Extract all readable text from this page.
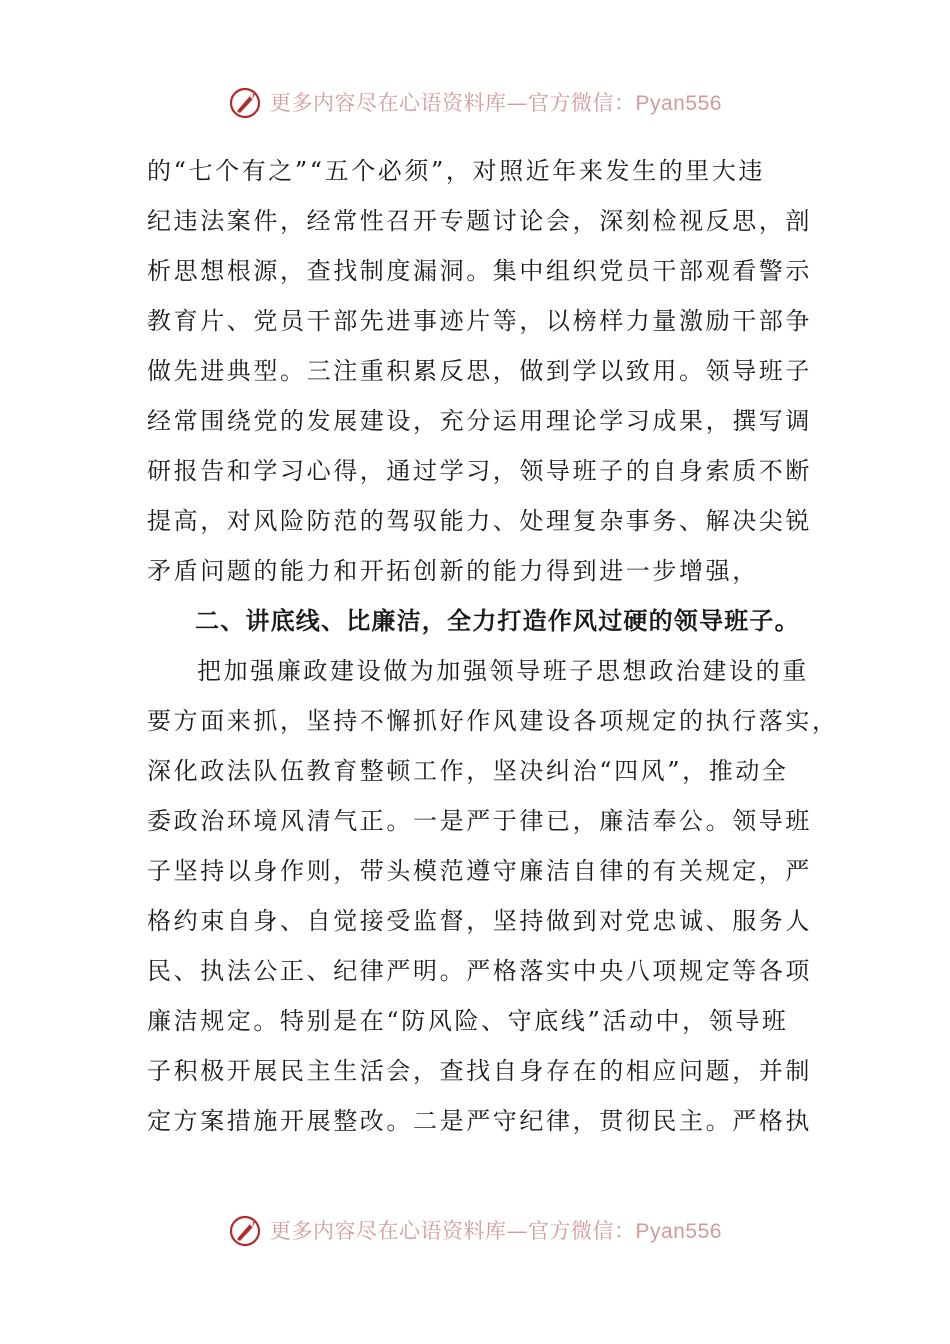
更多内容尽在心语资料库—官方微信：Pyan556
的“七个有之”“五个必须”，对照近年来发生的里大违
纪违法案件，经常性召开专题讨论会，深刻检视反思，剖
析思想根源，查找制度漏洞。集中组织党员干部观看警示
教育片、党员干部先进事迹片等，以榜样力量激励干部争
做先进典型。三注重积累反思，做到学以致用。领导班子
经常围绕党的发展建设，充分运用理论学习成果，撰写调
研报告和学习心得，通过学习，领导班子的自身索质不断
提高，对风险防范的驾驭能力、处理复杂事务、解决尖锐
矛盾问题的能力和开拓创新的能力得到进一步增强，
二、讲底线、比廉洁，全力打造作风过硬的领导班子。
把加强廉政建设做为加强领导班子思想政治建设的重
要方面来抓，坚持不懈抓好作风建设各项规定的执行落实，
深化政法队伍教育整顿工作，坚决纠治“四风”，推动全
委政治环境风清气正。一是严于律已，廉洁奉公。领导班
子坚持以身作则，带头模范遵守廉洁自律的有关规定，严
格约束自身、自觉接受监督，坚持做到对党忠诚、服务人
民、执法公正、纪律严明。严格落实中央八项规定等各项
廉洁规定。特别是在“防风险、守底线”活动中，领导班
子积极开展民主生活会，查找自身存在的相应问题，并制
定方案措施开展整改。二是严守纪律，贯彻民主。严格执
更多内容尽在心语资料库—官方微信：Pyan556
